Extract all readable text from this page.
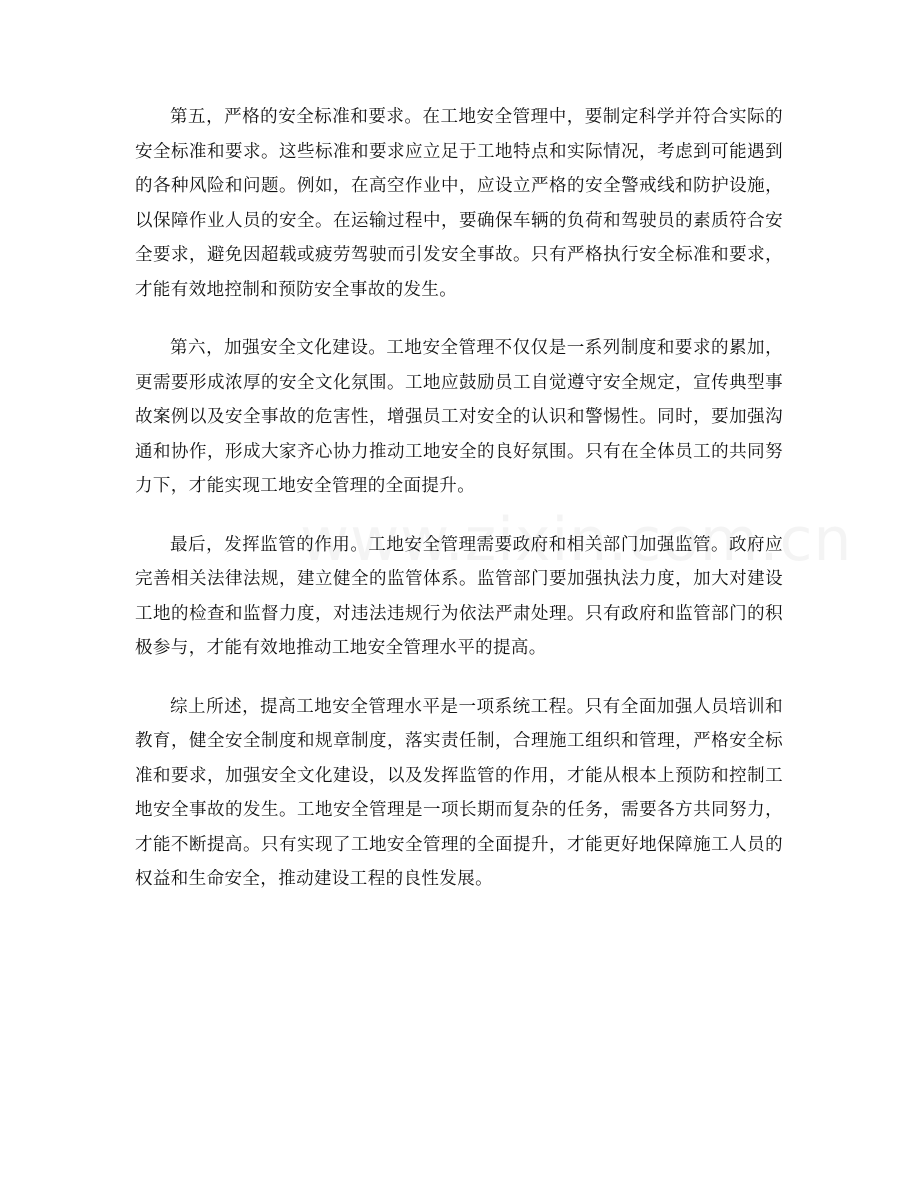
第五，严格的安全标准和要求。在工地安全管理中，要制定科学并符合实际的安全标准和要求。这些标准和要求应立足于工地特点和实际情况，考虑到可能遇到的各种风险和问题。例如，在高空作业中，应设立严格的安全警戒线和防护设施，以保障作业人员的安全。在运输过程中，要确保车辆的负荷和驾驶员的素质符合安全要求，避免因超载或疲劳驾驶而引发安全事故。只有严格执行安全标准和要求，才能有效地控制和预防安全事故的发生。

第六，加强安全文化建设。工地安全管理不仅仅是一系列制度和要求的累加，更需要形成浓厚的安全文化氛围。工地应鼓励员工自觉遵守安全规定，宣传典型事故案例以及安全事故的危害性，增强员工对安全的认识和警惕性。同时，要加强沟通和协作，形成大家齐心协力推动工地安全的良好氛围。只有在全体员工的共同努力下，才能实现工地安全管理的全面提升。

最后，发挥监管的作用。工地安全管理需要政府和相关部门加强监管。政府应完善相关法律法规，建立健全的监管体系。监管部门要加强执法力度，加大对建设工地的检查和监督力度，对违法违规行为依法严肃处理。只有政府和监管部门的积极参与，才能有效地推动工地安全管理水平的提高。

综上所述，提高工地安全管理水平是一项系统工程。只有全面加强人员培训和教育，健全安全制度和规章制度，落实责任制，合理施工组织和管理，严格安全标准和要求，加强安全文化建设，以及发挥监管的作用，才能从根本上预防和控制工地安全事故的发生。工地安全管理是一项长期而复杂的任务，需要各方共同努力，才能不断提高。只有实现了工地安全管理的全面提升，才能更好地保障施工人员的权益和生命安全，推动建设工程的良性发展。
